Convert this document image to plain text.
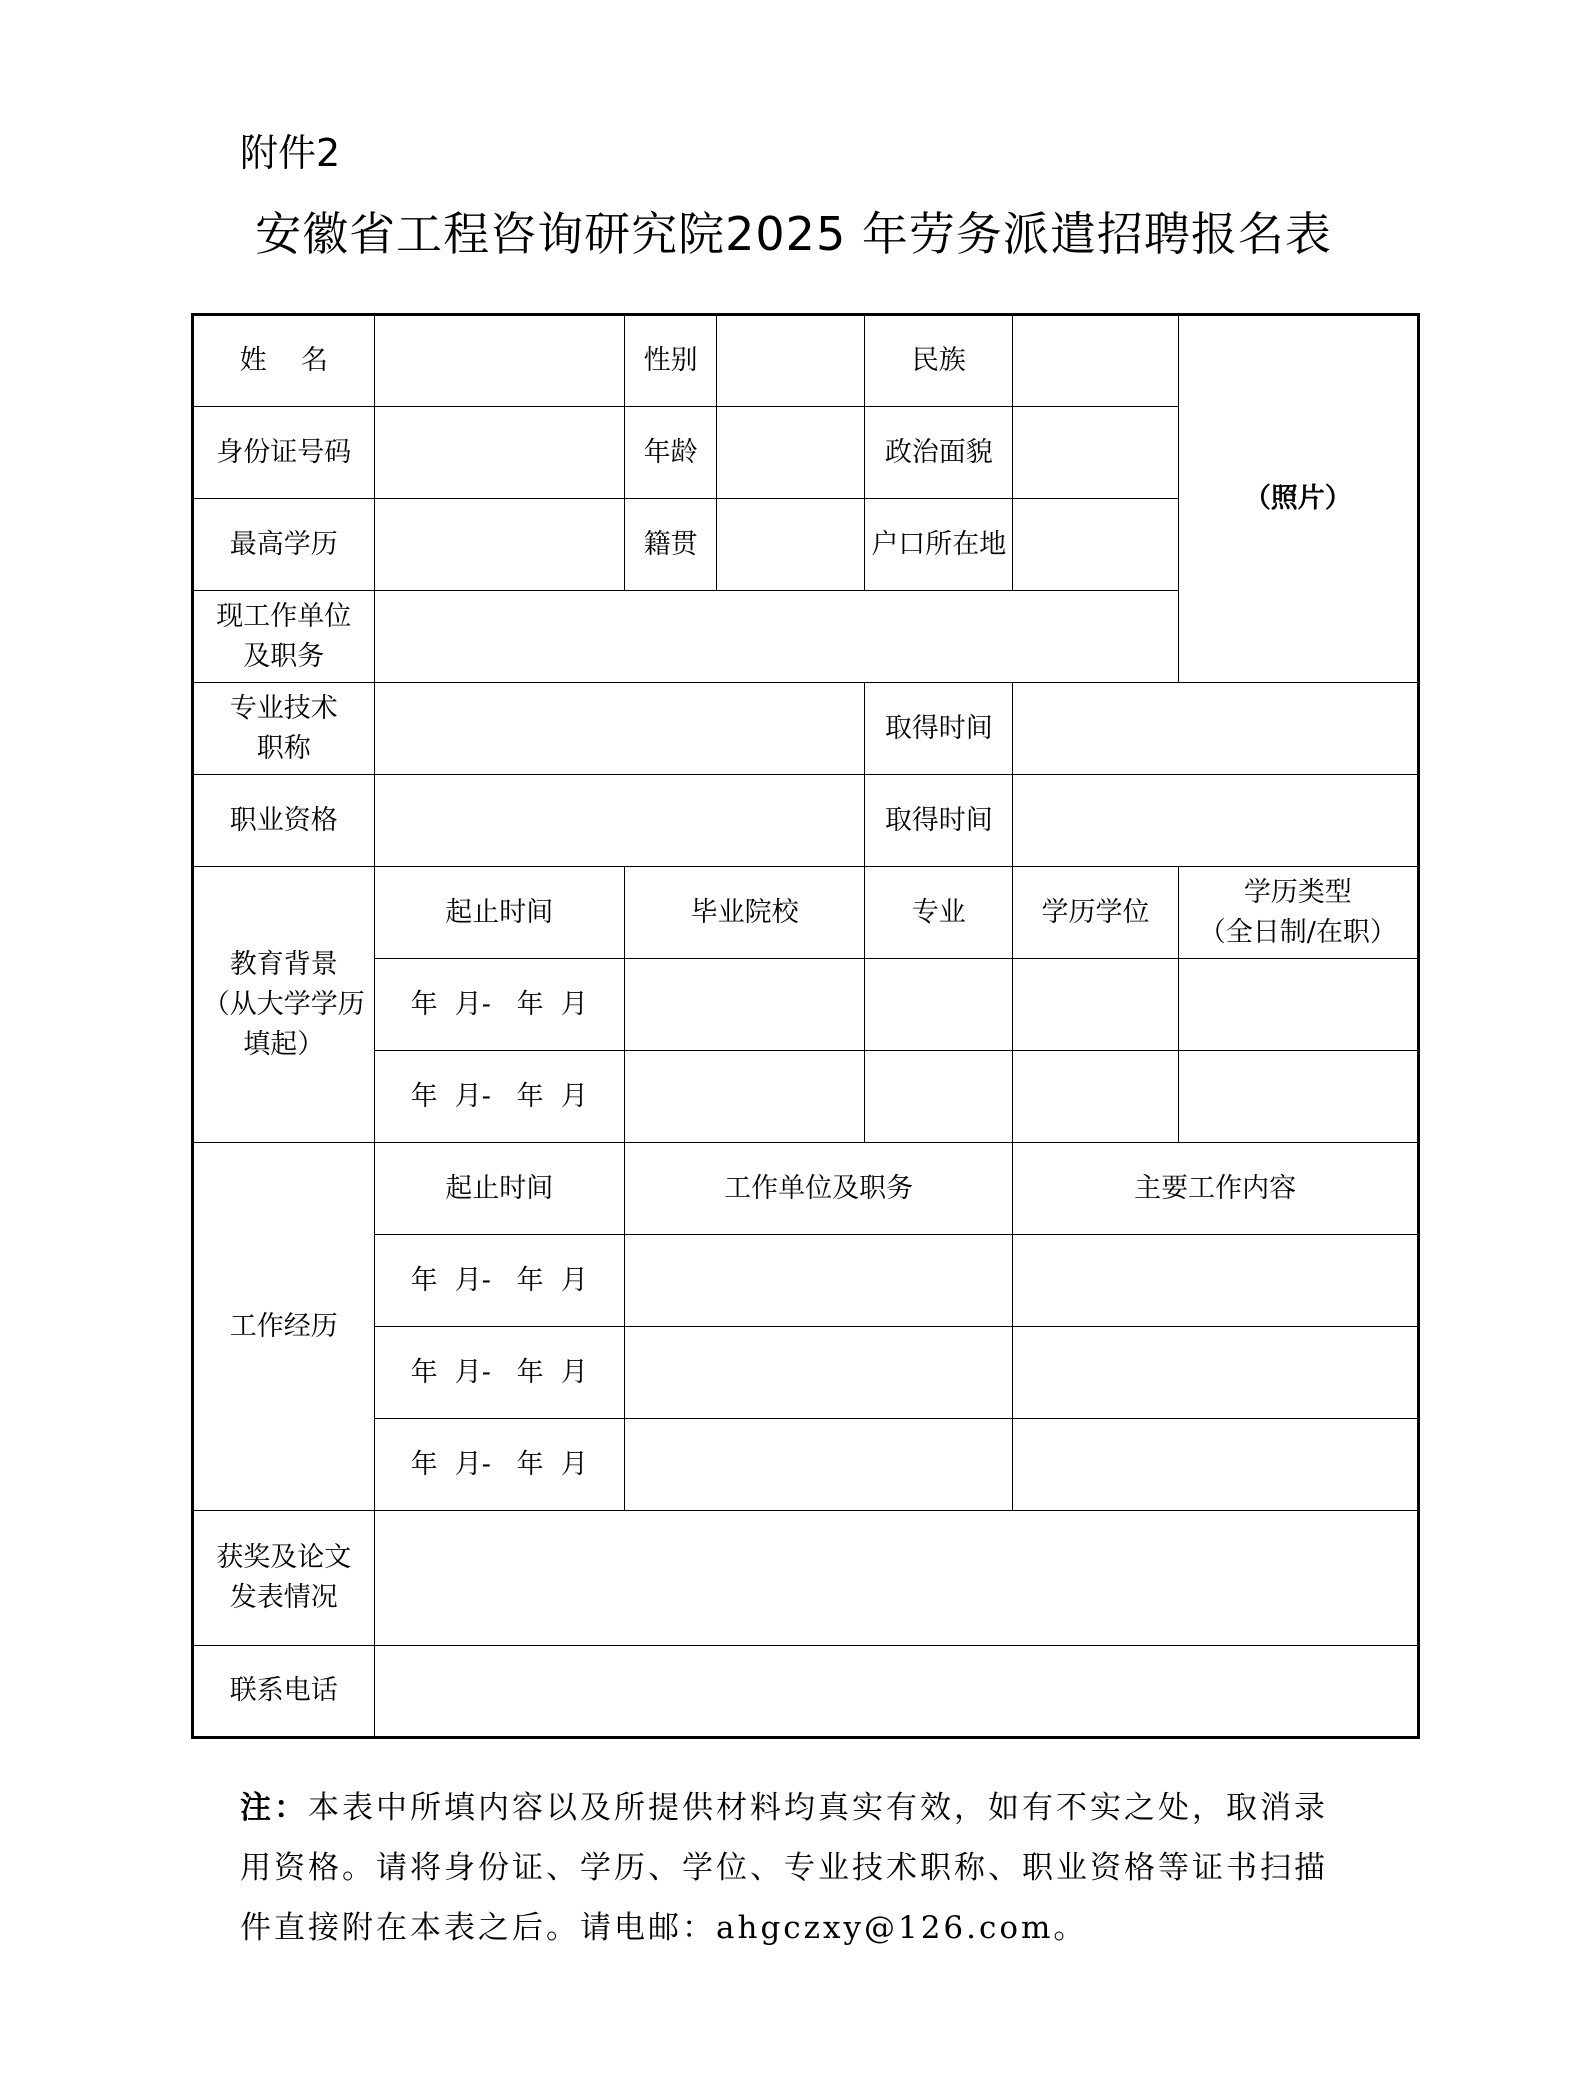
附件2
安徽省工程咨询研究院2025 年劳务派遣招聘报名表
姓    名		性别		民族		（照片）
身份证号码		年龄		政治面貌		
最高学历		籍贯		户口所在地		
现工作单位
及职务						
专业技术
职称				取得时间		
职业资格				取得时间		
教育背景
（从大学学历
填起）	起止时间	毕业院校		专业	学历学位	学历类型
（全日制/在职）
	年  月-   年  月					
	年  月-   年  月					
工作经历	起止时间	工作单位及职务			主要工作内容	
	年  月-   年  月					
	年  月-   年  月					
	年  月-   年  月					
获奖及论文
发表情况						
联系电话						
注：本表中所填内容以及所提供材料均真实有效，如有不实之处，取消录用资格。请将身份证、学历、学位、专业技术职称、职业资格等证书扫描件直接附在本表之后。请电邮：ahgczxy@126.com。
